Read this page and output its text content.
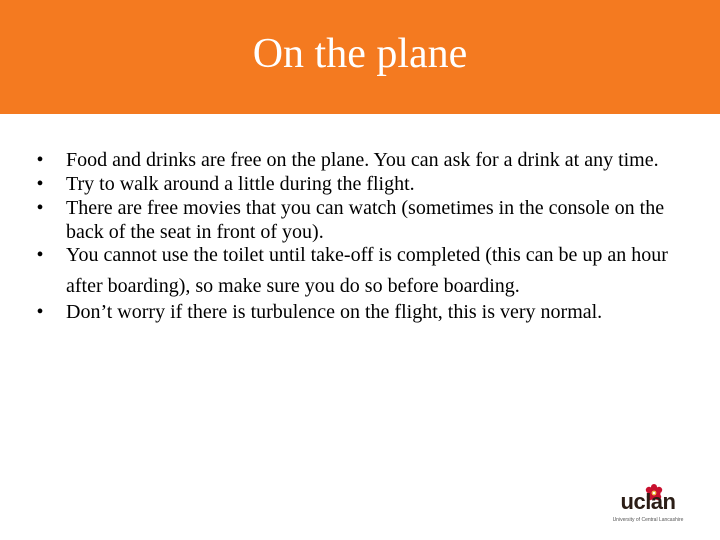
On the plane
•	Food and drinks are free on the plane. You can ask for a drink at any time.
•	Try to walk around a little during the flight.
•	There are free movies that you can watch (sometimes in the console on the back of the seat in front of you).
•	You cannot use the toilet until take-off is completed (this can be up an hour after boarding), so make sure you do so before boarding.
•	Don’t worry if there is turbulence on the flight, this is very normal.
uclan
University of Central Lancashire
